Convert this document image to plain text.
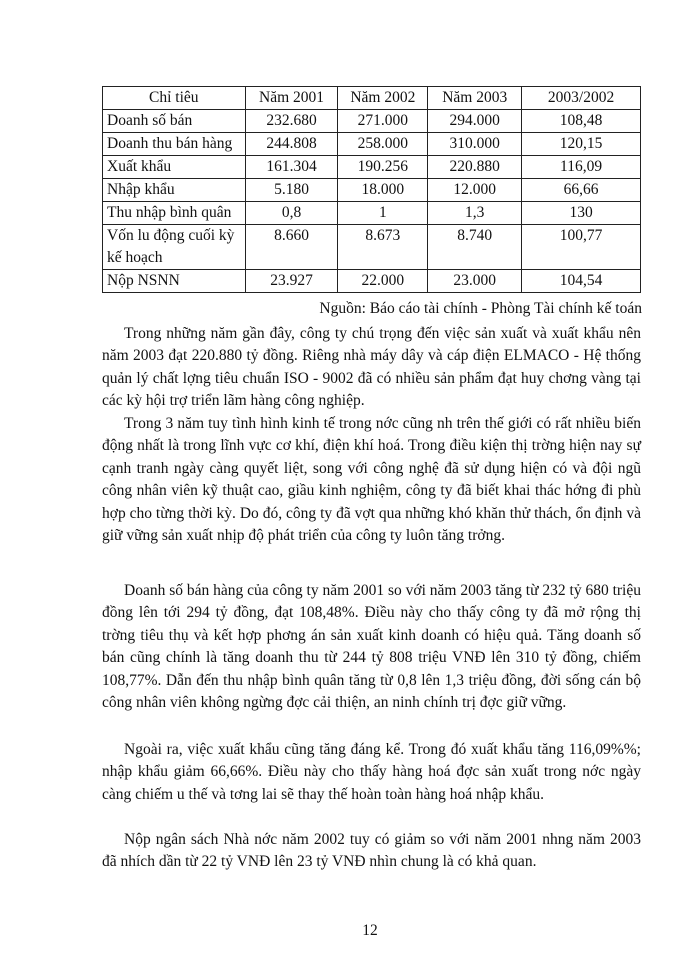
Chỉ tiêu	Năm 2001	Năm 2002	Năm 2003	2003/2002
Doanh số bán	232.680	271.000	294.000	108,48
Doanh thu bán hàng	244.808	258.000	310.000	120,15
Xuất khẩu	161.304	190.256	220.880	116,09
Nhập khẩu	5.180	18.000	12.000	66,66
Thu nhập bình quân	0,8	1	1,3	130
Vốn lu động cuối kỳ kế hoạch	8.660	8.673	8.740	100,77
Nộp NSNN	23.927	22.000	23.000	104,54
Nguồn: Báo cáo tài chính - Phòng Tài chính kế toán

Trong những năm gần đây, công ty chú trọng đến việc sản xuất và xuất khẩu nên năm 2003 đạt 220.880 tỷ đồng. Riêng nhà máy dây và cáp điện ELMACO - Hệ thống quản lý chất lợng tiêu chuẩn ISO - 9002 đã có nhiều sản phẩm đạt huy chơng vàng tại các kỳ hội trợ triển lãm hàng công nghiệp.

Trong 3 năm tuy tình hình kinh tế trong nớc cũng nh trên thế giới có rất nhiều biến động nhất là trong lĩnh vực cơ khí, điện khí hoá. Trong điều kiện thị trờng hiện nay sự cạnh tranh ngày càng quyết liệt, song với công nghệ đã sử dụng hiện có và đội ngũ công nhân viên kỹ thuật cao, giầu kinh nghiệm, công ty đã biết khai thác hớng đi phù hợp cho từng thời kỳ. Do đó, công ty đã vợt qua những khó khăn thử thách, ổn định và giữ vững sản xuất nhịp độ phát triển của công ty luôn tăng trởng.

Doanh số bán hàng của công ty năm 2001 so với năm 2003 tăng từ 232 tỷ 680 triệu đồng lên tới 294 tỷ đồng, đạt 108,48%. Điều này cho thấy công ty đã mở rộng thị trờng tiêu thụ và kết hợp phơng án sản xuất kinh doanh có hiệu quả. Tăng doanh số bán cũng chính là tăng doanh thu từ 244 tỷ 808 triệu VNĐ lên 310 tỷ đồng, chiếm 108,77%. Dẫn đến thu nhập bình quân tăng từ 0,8 lên 1,3 triệu đồng, đời sống cán bộ công nhân viên không ngừng đợc cải thiện, an ninh chính trị đợc giữ vững.

Ngoài ra, việc xuất khẩu cũng tăng đáng kể. Trong đó xuất khẩu tăng 116,09%%; nhập khẩu giảm 66,66%. Điều này cho thấy hàng hoá đợc sản xuất trong nớc ngày càng chiếm u thế và tơng lai sẽ thay thế hoàn toàn hàng hoá nhập khẩu.

Nộp ngân sách Nhà nớc năm 2002 tuy có giảm so với năm 2001 nhng năm 2003 đã nhích dần từ 22 tỷ VNĐ lên 23 tỷ VNĐ nhìn chung là có khả quan.

12
